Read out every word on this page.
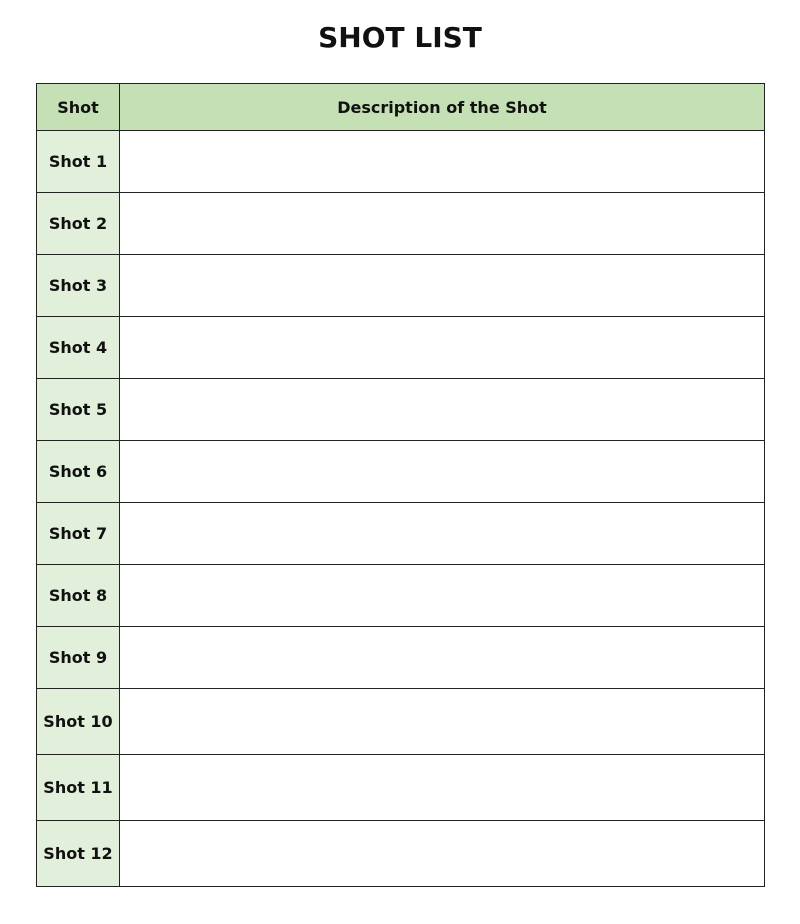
SHOT LIST
Shot	Description of the Shot
Shot 1	
Shot 2	
Shot 3	
Shot 4	
Shot 5	
Shot 6	
Shot 7	
Shot 8	
Shot 9	
Shot 10	
Shot 11	
Shot 12	
